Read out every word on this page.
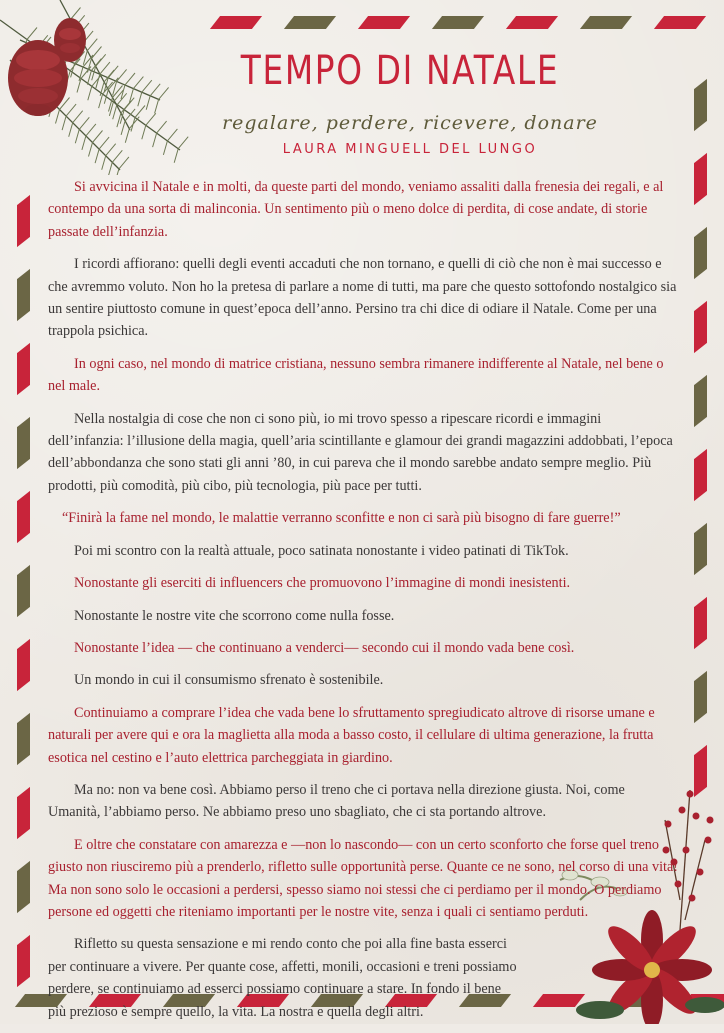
TEMPO DI NATALE
regalare, perdere, ricevere, donare
LAURA MINGUELL DEL LUNGO

Si avvicina il Natale e in molti, da queste parti del mondo, veniamo assaliti dalla frenesia dei regali, e al contempo da una sorta di malinconia. Un sentimento più o meno dolce di perdita, di cose andate, di storie passate dell’infanzia.

I ricordi affiorano: quelli degli eventi accaduti che non tornano, e quelli di ciò che non è mai successo e che avremmo voluto. Non ho la pretesa di parlare a nome di tutti, ma pare che questo sottofondo nostalgico sia un sentire piuttosto comune in quest’epoca dell’anno. Persino tra chi dice di odiare il Natale. Come per una trappola psichica.

In ogni caso, nel mondo di matrice cristiana, nessuno sembra rimanere indifferente al Natale, nel bene o nel male.

Nella nostalgia di cose che non ci sono più, io mi trovo spesso a ripescare ricordi e immagini dell’infanzia: l’illusione della magia, quell’aria scintillante e glamour dei grandi magazzini addobbati, l’epoca dell’abbondanza che sono stati gli anni ’80, in cui pareva che il mondo sarebbe andato sempre meglio. Più prodotti, più comodità, più cibo, più tecnologia, più pace per tutti.

“Finirà la fame nel mondo, le malattie verranno sconfitte e non ci sarà più bisogno di fare guerre!”

Poi mi scontro con la realtà attuale, poco satinata nonostante i video patinati di TikTok.

Nonostante gli eserciti di influencers che promuovono l’immagine di mondi inesistenti.

Nonostante le nostre vite che scorrono come nulla fosse.

Nonostante l’idea — che continuano a venderci— secondo cui il mondo vada bene così.

Un mondo in cui il consumismo sfrenato è sostenibile.

Continuiamo a comprare l’idea che vada bene lo sfruttamento spregiudicato altrove di risorse umane e naturali per avere qui e ora la maglietta alla moda a basso costo, il cellulare di ultima generazione, la frutta esotica nel cestino e l’auto elettrica parcheggiata in giardino.

Ma no: non va bene così. Abbiamo perso il treno che ci portava nella direzione giusta. Noi, come Umanità, l’abbiamo perso. Ne abbiamo preso uno sbagliato, che ci sta portando altrove.

E oltre che constatare con amarezza e —non lo nascondo— con un certo sconforto che forse quel treno giusto non riusciremo più a prenderlo, rifletto sulle opportunità perse. Quante ce ne sono, nel corso di una vita! Ma non sono solo le occasioni a perdersi, spesso siamo noi stessi che ci perdiamo per il mondo. O perdiamo persone ed oggetti che riteniamo importanti per le nostre vite, senza i quali ci sentiamo perduti.

Rifletto su questa sensazione e mi rendo conto che poi alla fine basta esserci per continuare a vivere. Per quante cose, affetti, monili, occasioni e treni possiamo perdere, se continuiamo ad esserci possiamo continuare a stare. In fondo il bene più prezioso è sempre quello, la vita. La nostra e quella degli altri.
